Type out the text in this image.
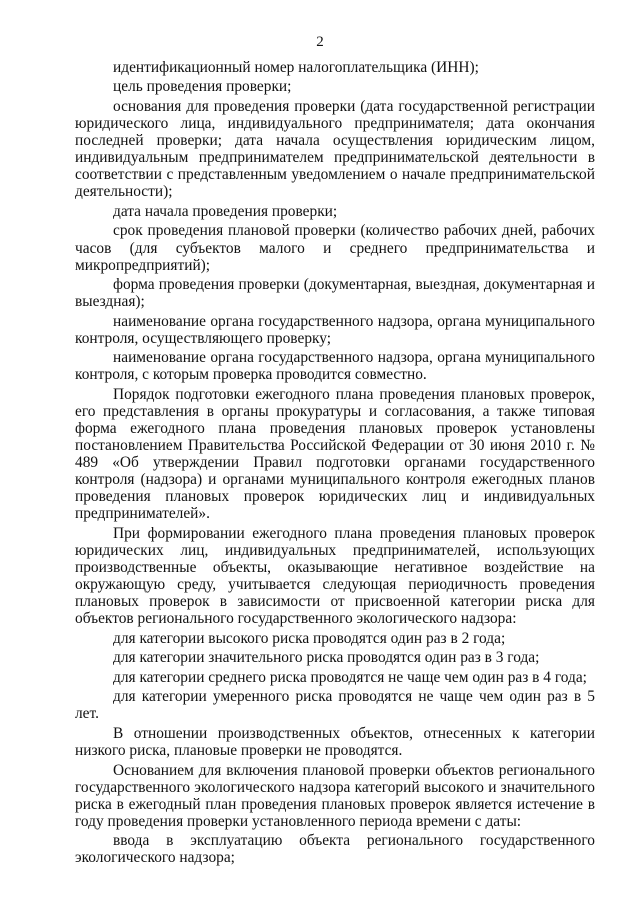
2

идентификационный номер налогоплательщика (ИНН);

цель проведения проверки;

основания для проведения проверки (дата государственной регистрации юридического лица, индивидуального предпринимателя; дата окончания последней проверки; дата начала осуществления юридическим лицом, индивидуальным предпринимателем предпринимательской деятельности в соответствии с представленным уведомлением о начале предпринимательской деятельности);

дата начала проведения проверки;

срок проведения плановой проверки (количество рабочих дней, рабочих часов (для субъектов малого и среднего предпринимательства и микропредприятий);

форма проведения проверки (документарная, выездная, документарная и выездная);

наименование органа государственного надзора, органа муниципального контроля, осуществляющего проверку;

наименование органа государственного надзора, органа муниципального контроля, с которым проверка проводится совместно.

Порядок подготовки ежегодного плана проведения плановых проверок, его представления в органы прокуратуры и согласования, а также типовая форма ежегодного плана проведения плановых проверок установлены постановлением Правительства Российской Федерации от 30 июня 2010 г. № 489 «Об утверждении Правил подготовки органами государственного контроля (надзора) и органами муниципального контроля ежегодных планов проведения плановых проверок юридических лиц и индивидуальных предпринимателей».

При формировании ежегодного плана проведения плановых проверок юридических лиц, индивидуальных предпринимателей, использующих производственные объекты, оказывающие негативное воздействие на окружающую среду, учитывается следующая периодичность проведения плановых проверок в зависимости от присвоенной категории риска для объектов регионального государственного экологического надзора:

для категории высокого риска проводятся один раз в 2 года;

для категории значительного риска проводятся один раз в 3 года;

для категории среднего риска проводятся не чаще чем один раз в 4 года;

для категории умеренного риска проводятся не чаще чем один раз в 5 лет.

В отношении производственных объектов, отнесенных к категории низкого риска, плановые проверки не проводятся.

Основанием для включения плановой проверки объектов регионального государственного экологического надзора категорий высокого и значительного риска в ежегодный план проведения плановых проверок является истечение в году проведения проверки установленного периода времени с даты:

ввода в эксплуатацию объекта регионального государственного экологического надзора;
